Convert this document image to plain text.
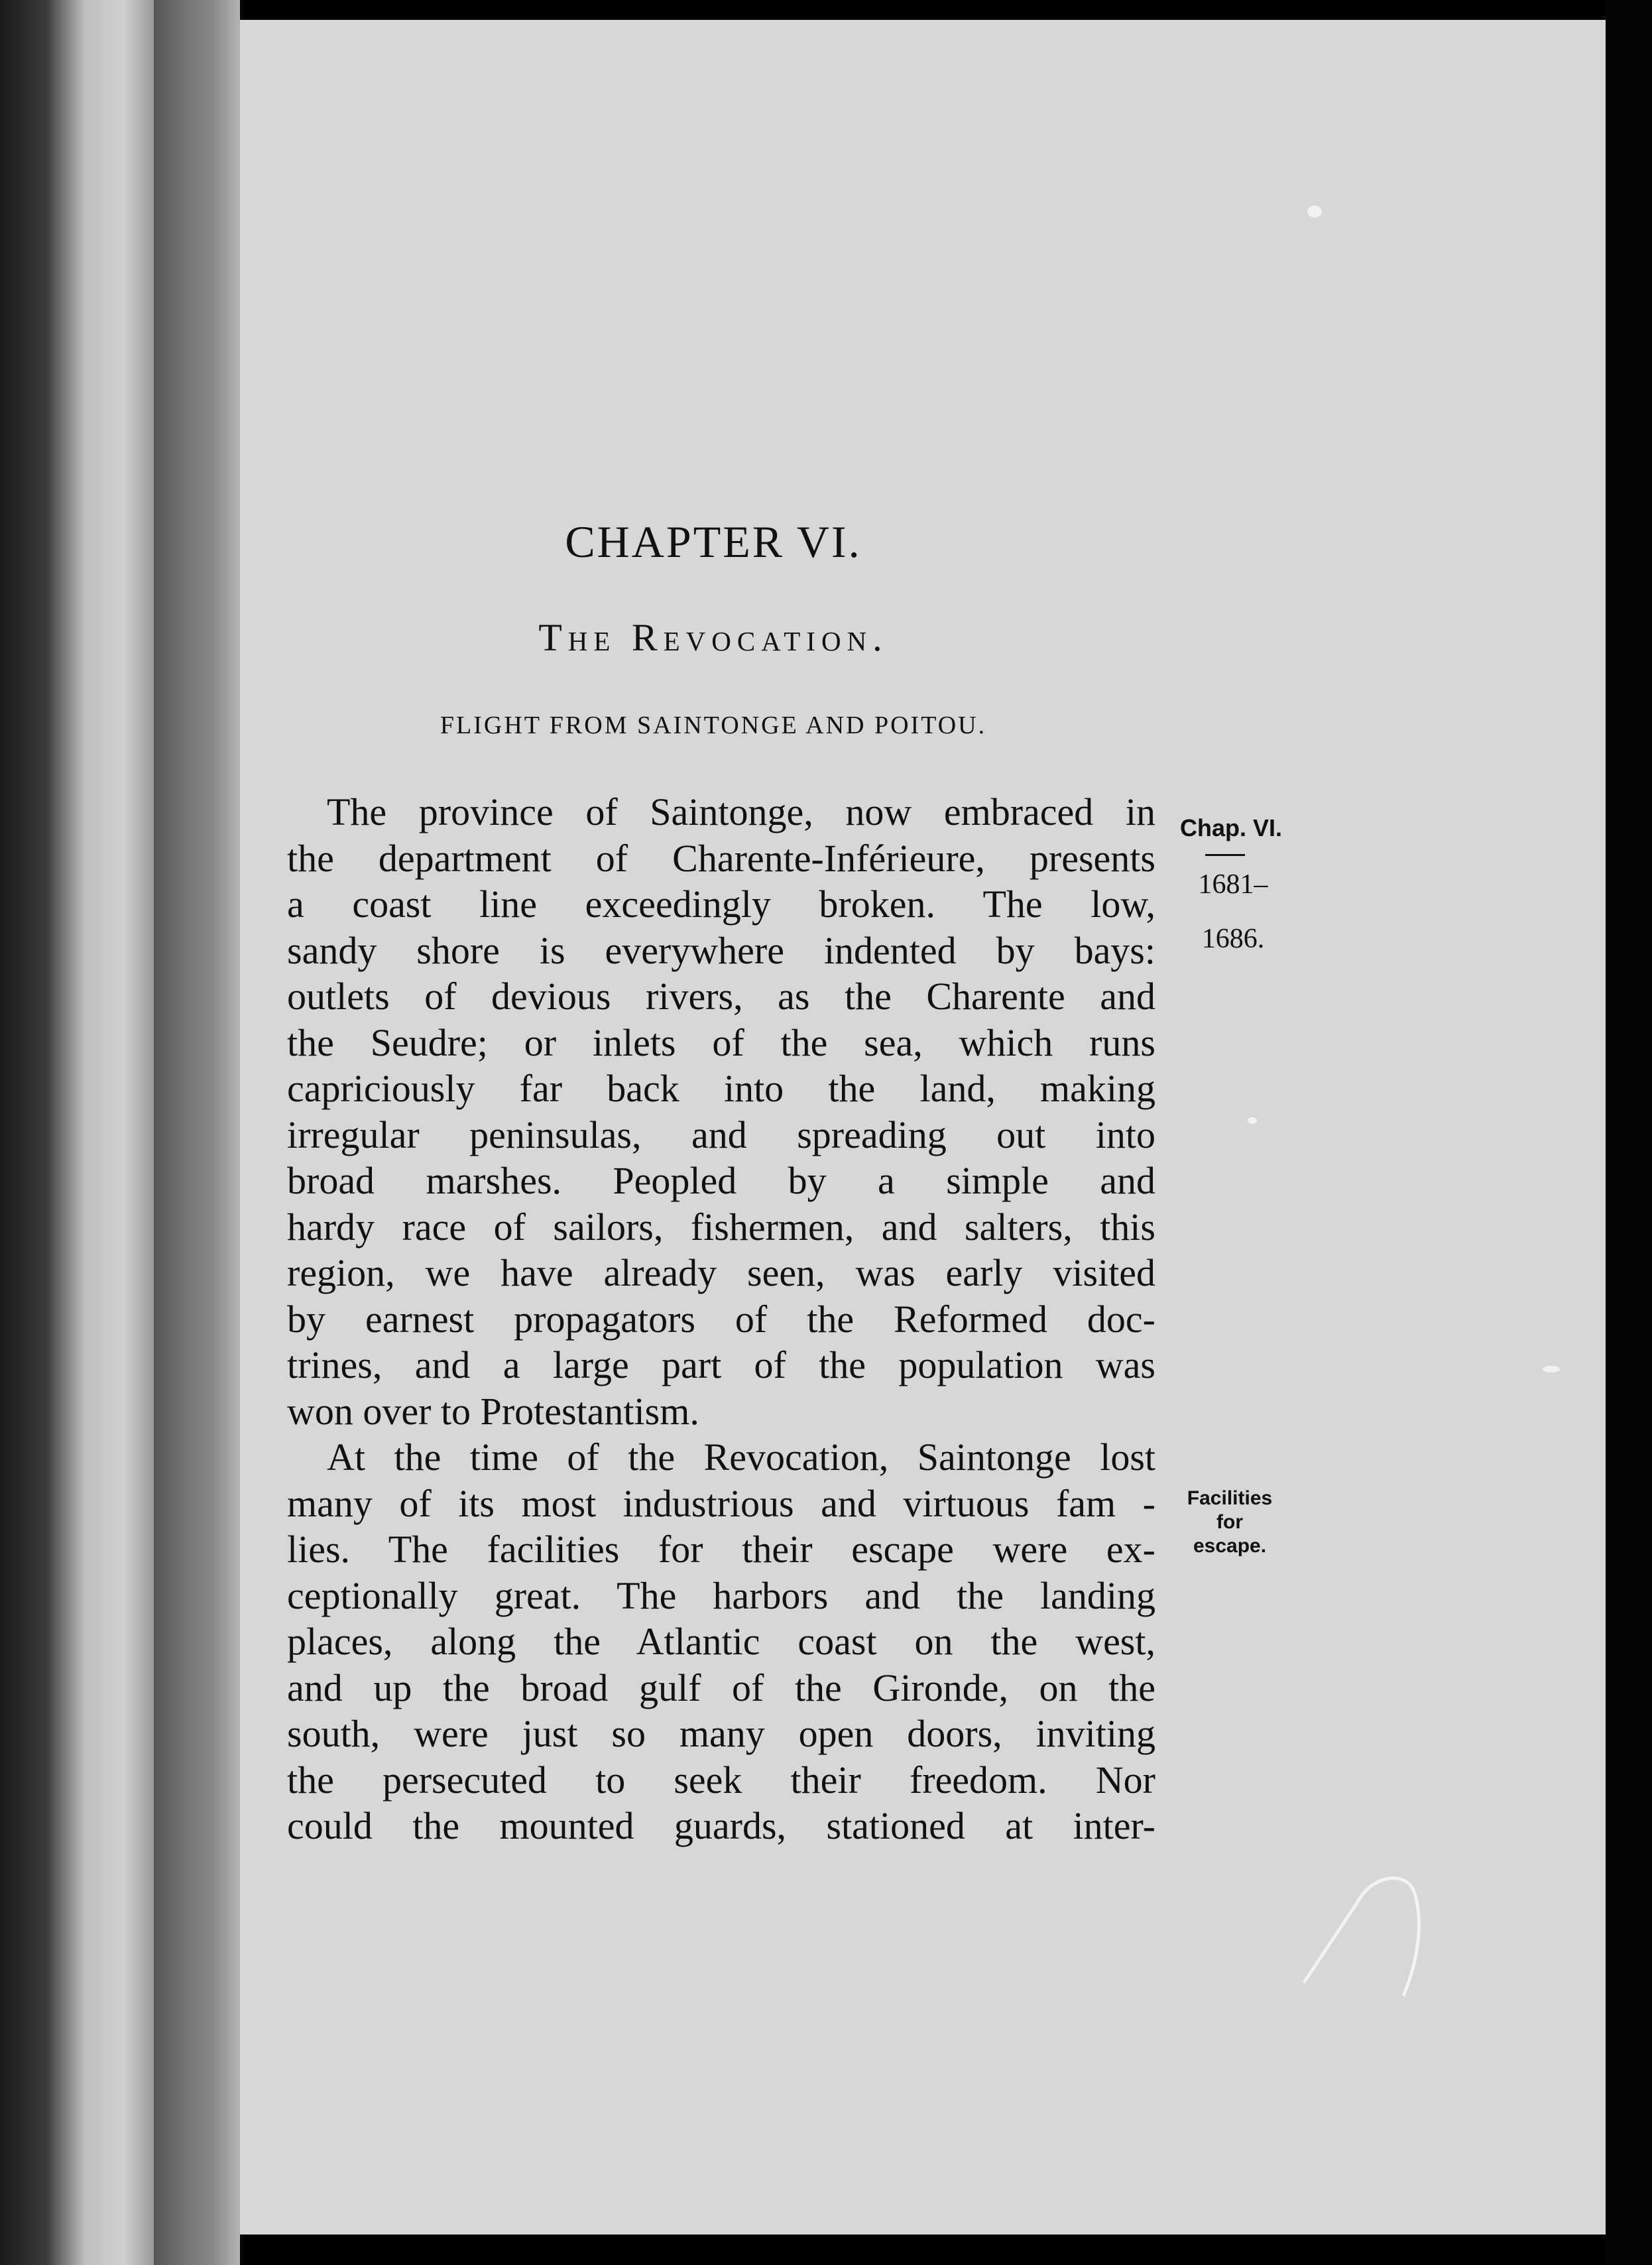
CHAPTER VI.
The Revocation.
FLIGHT FROM SAINTONGE AND POITOU.
The province of Saintonge, now embraced in
the department of Charente-Inférieure, presents
a coast line exceedingly broken. The low,
sandy shore is everywhere indented by bays:
outlets of devious rivers, as the Charente and
the Seudre; or inlets of the sea, which runs
capriciously far back into the land, making
irregular peninsulas, and spreading out into
broad marshes. Peopled by a simple and
hardy race of sailors, fishermen, and salters, this
region, we have already seen, was early visited
by earnest propagators of the Reformed doc-
trines, and a large part of the population was
won over to Protestantism.
At the time of the Revocation, Saintonge lost
many of its most industrious and virtuous fam -
lies. The facilities for their escape were ex-
ceptionally great. The harbors and the landing
places, along the Atlantic coast on the west,
and up the broad gulf of the Gironde, on the
south, were just so many open doors, inviting
the persecuted to seek their freedom. Nor
could the mounted guards, stationed at inter-
Chap. VI.
1681–
1686.
Facilities
for
escape.
